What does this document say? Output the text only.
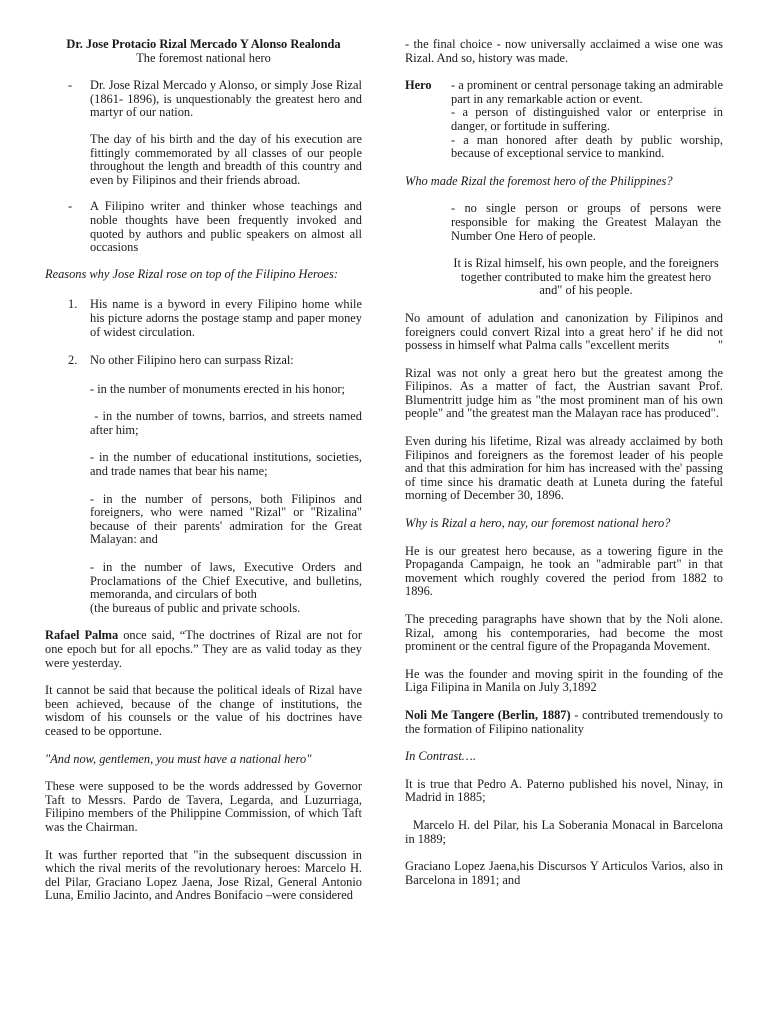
Dr. Jose Protacio Rizal Mercado Y Alonso Realonda

The foremost national hero

- Dr. Jose Rizal Mercado y Alonso, or simply Jose Rizal (1861- 1896), is unquestionably the greatest hero and martyr of our nation.

The day of his birth and the day of his execution are fittingly commemorated by all classes of our people throughout the length and breadth of this country and even by Filipinos and their friends abroad.

- A Filipino writer and thinker whose teachings and noble thoughts have been frequently invoked and quoted by authors and public speakers on almost all occasions

Reasons why Jose Rizal rose on top of the Filipino Heroes:

1. His name is a byword in every Filipino home while his picture adorns the postage stamp and paper money of widest circulation.

2. No other Filipino hero can surpass Rizal:

- in the number of monuments erected in his honor;

- in the number of towns, barrios, and streets named after him;

- in the number of educational institutions, societies, and trade names that bear his name;

- in the number of persons, both Filipinos and foreigners, who were named "Rizal" or "Rizalina" because of their parents' admiration for the Great Malayan: and

- in the number of laws, Executive Orders and Proclamations of the Chief Executive, and bulletins, memoranda, and circulars of both

(the bureaus of public and private schools.

Rafael Palma once said, “The doctrines of Rizal are not for one epoch but for all epochs.” They are as valid today as they were yesterday.

It cannot be said that because the political ideals of Rizal have been achieved, because of the change of institutions, the wisdom of his counsels or the value of his doctrines have ceased to be opportune.

"And now, gentlemen, you must have a national hero"

These were supposed to be the words addressed by Governor Taft to Messrs. Pardo de Tavera, Legarda, and Luzurriaga, Filipino members of the Philippine Commission, of which Taft was the Chairman.

It was further reported that "in the subsequent discussion in which the rival merits of the revolutionary heroes: Marcelo H. del Pilar, Graciano Lopez Jaena, Jose Rizal, General Antonio Luna, Emilio Jacinto, and Andres Bonifacio –were considered

- the final choice - now universally acclaimed a wise one was Rizal. And so, history was made.

Hero - a prominent or central personage taking an admirable part in any remarkable action or event.

- a person of distinguished valor or enterprise in danger, or fortitude in suffering.

- a man honored after death by public worship, because of exceptional service to mankind.

Who made Rizal the foremost hero of the Philippines?

- no single person or groups of persons were responsible for making the Greatest Malayan the Number One Hero of people.

It is Rizal himself, his own people, and the foreigners together contributed to make him the greatest hero and" of his people.

No amount of adulation and canonization by Filipinos and foreigners could convert Rizal into a great hero' if he did not possess in himself what Palma calls "excellent merits	"

Rizal was not only a great hero but the greatest among the Filipinos. As a matter of fact, the Austrian savant Prof. Blumentritt judge him as "the most prominent man of his own people" and "the greatest man the Malayan race has produced".

Even during his lifetime, Rizal was already acclaimed by both Filipinos and foreigners as the foremost leader of his people and that this admiration for him has increased with the' passing of time since his dramatic death at Luneta during the fateful morning of December 30, 1896.

Why is Rizal a hero, nay, our foremost national hero?

He is our greatest hero because, as a towering figure in the Propaganda Campaign, he took an "admirable part" in that movement which roughly covered the period from 1882 to 1896.

The preceding paragraphs have shown that by the Noli alone. Rizal, among his contemporaries, had become the most prominent or the central figure of the Propaganda Movement.

He was the founder and moving spirit in the founding of the Liga Filipina in Manila on July 3,1892

Noli Me Tangere (Berlin, 1887) - contributed tremendously to the formation of Filipino nationality

In Contrast….

It is true that Pedro A. Paterno published his novel, Ninay, in Madrid in 1885;

Marcelo H. del Pilar, his La Soberania Monacal in Barcelona in 1889;

Graciano Lopez Jaena,his Discursos Y Articulos Varios, also in Barcelona in 1891; and
